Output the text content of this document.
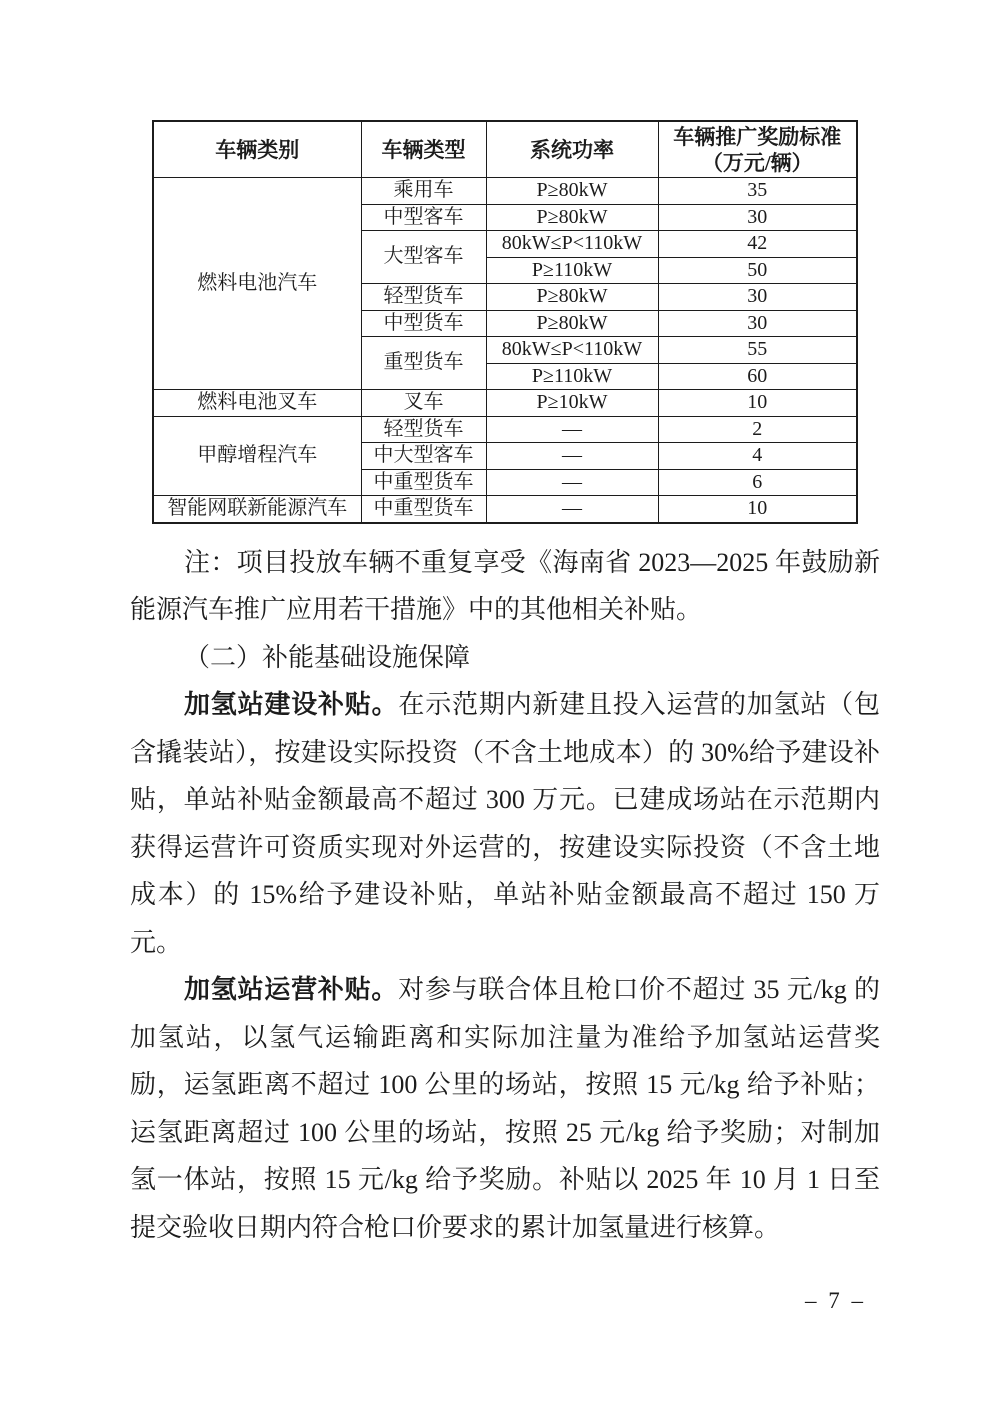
车辆类别	车辆类型	系统功率	车辆推广奖励标准
（万元/辆）

燃料电池汽车	乘用车	P≥80kW	35
	中型客车	P≥80kW	30
	大型客车	80kW≤P<110kW	42
		P≥110kW	50
	轻型货车	P≥80kW	30
	中型货车	P≥80kW	30
	重型货车	80kW≤P<110kW	55
		P≥110kW	60
燃料电池叉车	叉车	P≥10kW	10
甲醇增程汽车	轻型货车	—	2
	中大型客车	—	4
	中重型货车	—	6
智能网联新能源汽车	中重型货车	—	10

注：项目投放车辆不重复享受《海南省 2023—2025 年鼓励新能源汽车推广应用若干措施》中的其他相关补贴。

（二）补能基础设施保障

加氢站建设补贴。在示范期内新建且投入运营的加氢站（包含撬装站），按建设实际投资（不含土地成本）的 30%给予建设补贴，单站补贴金额最高不超过 300 万元。已建成场站在示范期内获得运营许可资质实现对外运营的，按建设实际投资（不含土地成本）的 15%给予建设补贴，单站补贴金额最高不超过 150 万元。

加氢站运营补贴。对参与联合体且枪口价不超过 35 元/kg 的加氢站，以氢气运输距离和实际加注量为准给予加氢站运营奖励，运氢距离不超过 100 公里的场站，按照 15 元/kg 给予补贴；运氢距离超过 100 公里的场站，按照 25 元/kg 给予奖励；对制加氢一体站，按照 15 元/kg 给予奖励。补贴以 2025 年 10 月 1 日至提交验收日期内符合枪口价要求的累计加氢量进行核算。

– 7 –
